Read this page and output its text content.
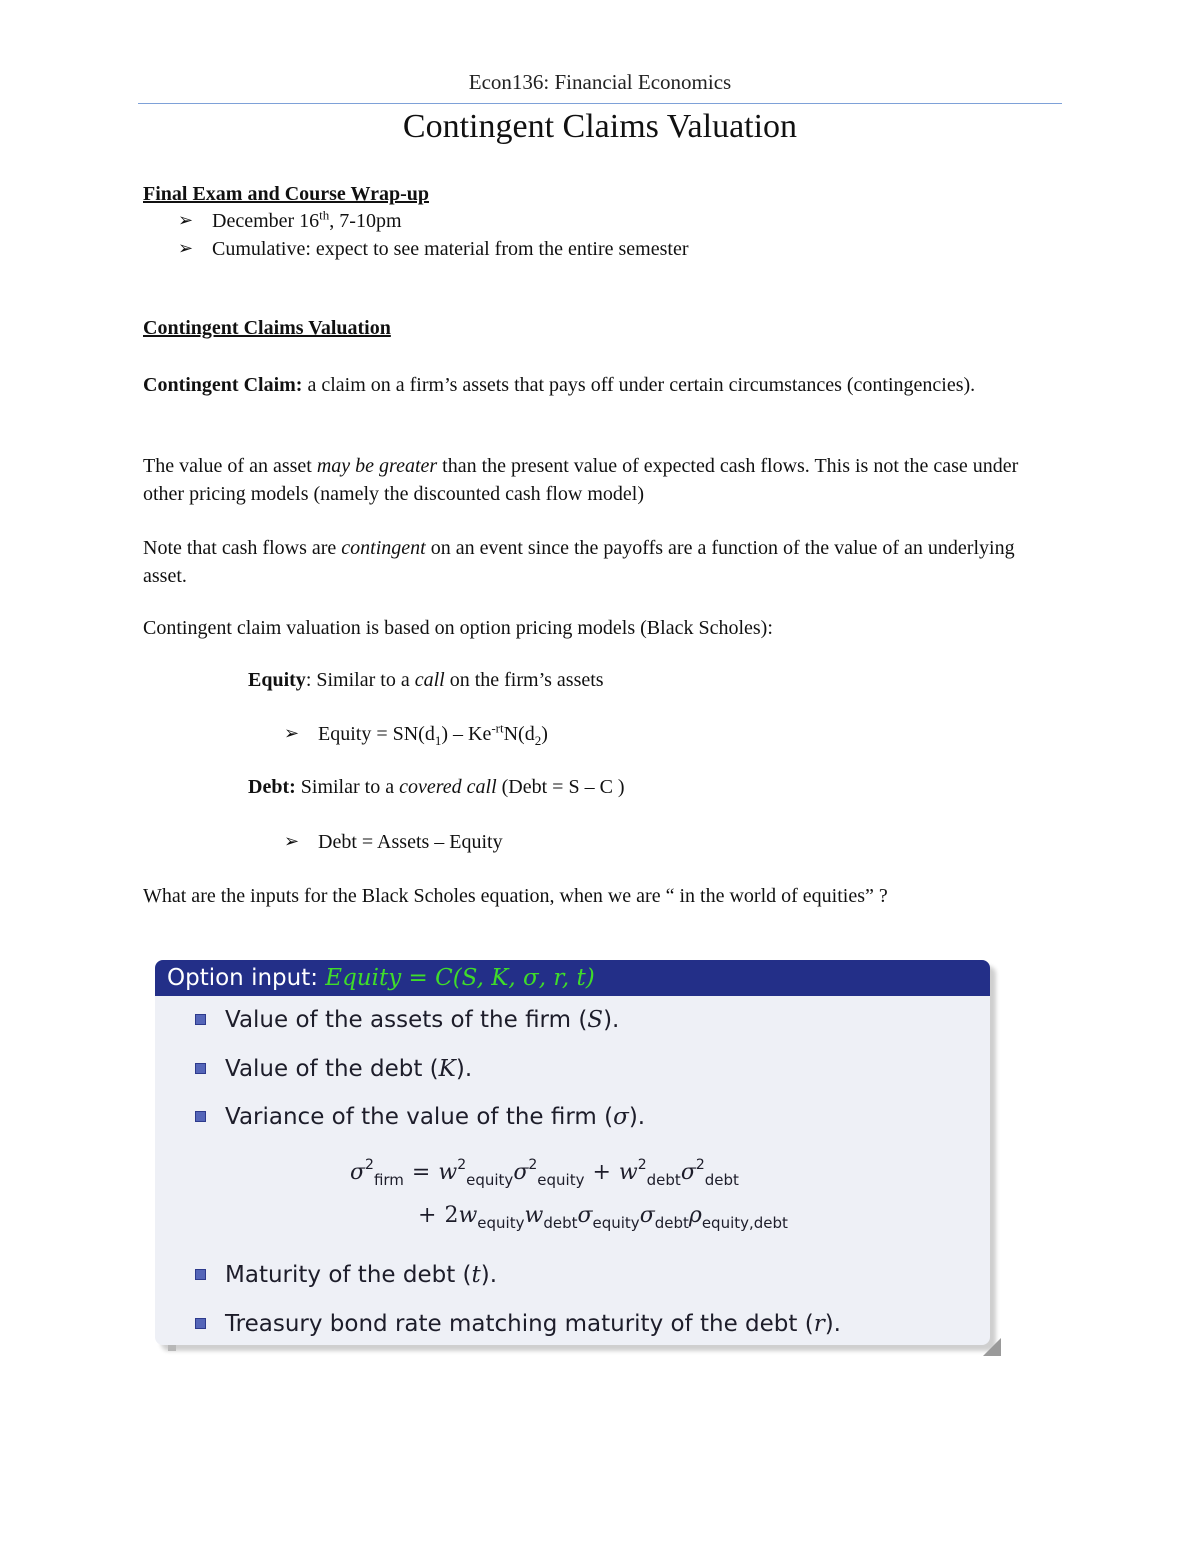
Econ136: Financial Economics
Contingent Claims Valuation
Final Exam and Course Wrap-up
➢ December 16th, 7-10pm
➢ Cumulative: expect to see material from the entire semester
Contingent Claims Valuation
Contingent Claim: a claim on a firm’s assets that pays off under certain circumstances (contingencies).
The value of an asset may be greater than the present value of expected cash flows. This is not the case under other pricing models (namely the discounted cash flow model)
Note that cash flows are contingent on an event since the payoffs are a function of the value of an underlying asset.
Contingent claim valuation is based on option pricing models (Black Scholes):
Equity: Similar to a call on the firm’s assets
➢ Equity = $SN(d_1) - Ke^{-rt}N(d_2)$
Debt: Similar to a covered call (Debt = S – C )
➢ Debt = Assets – Equity
What are the inputs for the Black Scholes equation, when we are “ in the world of equities” ?
Option input: Equity = C(S, K, σ, r, t)
Value of the assets of the firm (S).
Value of the debt (K).
Variance of the value of the firm (σ).
$\sigma^2_{firm} = w^2_{equity}\sigma^2_{equity} + w^2_{debt}\sigma^2_{debt}$
+ $2w_{equity}w_{debt}\sigma_{equity}\sigma_{debt}\rho_{equity,debt}$
Maturity of the debt (t).
Treasury bond rate matching maturity of the debt (r).
